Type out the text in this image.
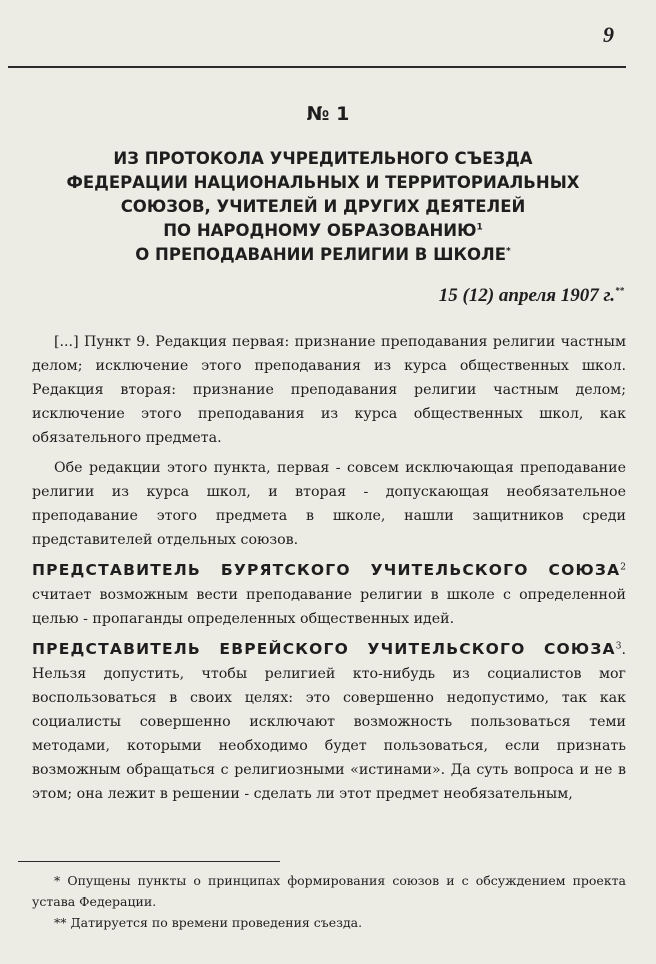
9
№ 1
ИЗ ПРОТОКОЛА УЧРЕДИТЕЛЬНОГО СЪЕЗДА
ФЕДЕРАЦИИ НАЦИОНАЛЬНЫХ И ТЕРРИТОРИАЛЬНЫХ
СОЮЗОВ, УЧИТЕЛЕЙ И ДРУГИХ ДЕЯТЕЛЕЙ
ПО НАРОДНОМУ ОБРАЗОВАНИЮ$^1$
О ПРЕПОДАВАНИИ РЕЛИГИИ В ШКОЛЕ*
15 (12) апреля 1907 г.**

[...] Пункт 9. Редакция первая: признание преподавания религии частным делом; исключение этого преподавания из курса общественных школ. Редакция вторая: признание преподавания религии частным делом; исключение этого преподавания из курса общественных школ, как обязательного предмета.

Обе редакции этого пункта, первая - совсем исключающая преподавание религии из курса школ, и вторая - допускающая необязательное преподавание этого предмета в школе, нашли защитников среди представителей отдельных союзов.

ПРЕДСТАВИТЕЛЬ БУРЯТСКОГО УЧИТЕЛЬСКОГО СОЮЗА$^2$ считает возможным вести преподавание религии в школе с определенной целью - пропаганды определенных общественных идей.

ПРЕДСТАВИТЕЛЬ ЕВРЕЙСКОГО УЧИТЕЛЬСКОГО СОЮЗА$^3$. Нельзя допустить, чтобы религией кто-нибудь из социалистов мог воспользоваться в своих целях: это совершенно недопустимо, так как социалисты совершенно исключают возможность пользоваться теми методами, которыми необходимо будет пользоваться, если признать возможным обращаться с религиозными «истинами». Да суть вопроса и не в этом; она лежит в решении - сделать ли этот предмет необязательным,

* Опущены пункты о принципах формирования союзов и с обсуждением проекта устава Федерации.

** Датируется по времени проведения съезда.
